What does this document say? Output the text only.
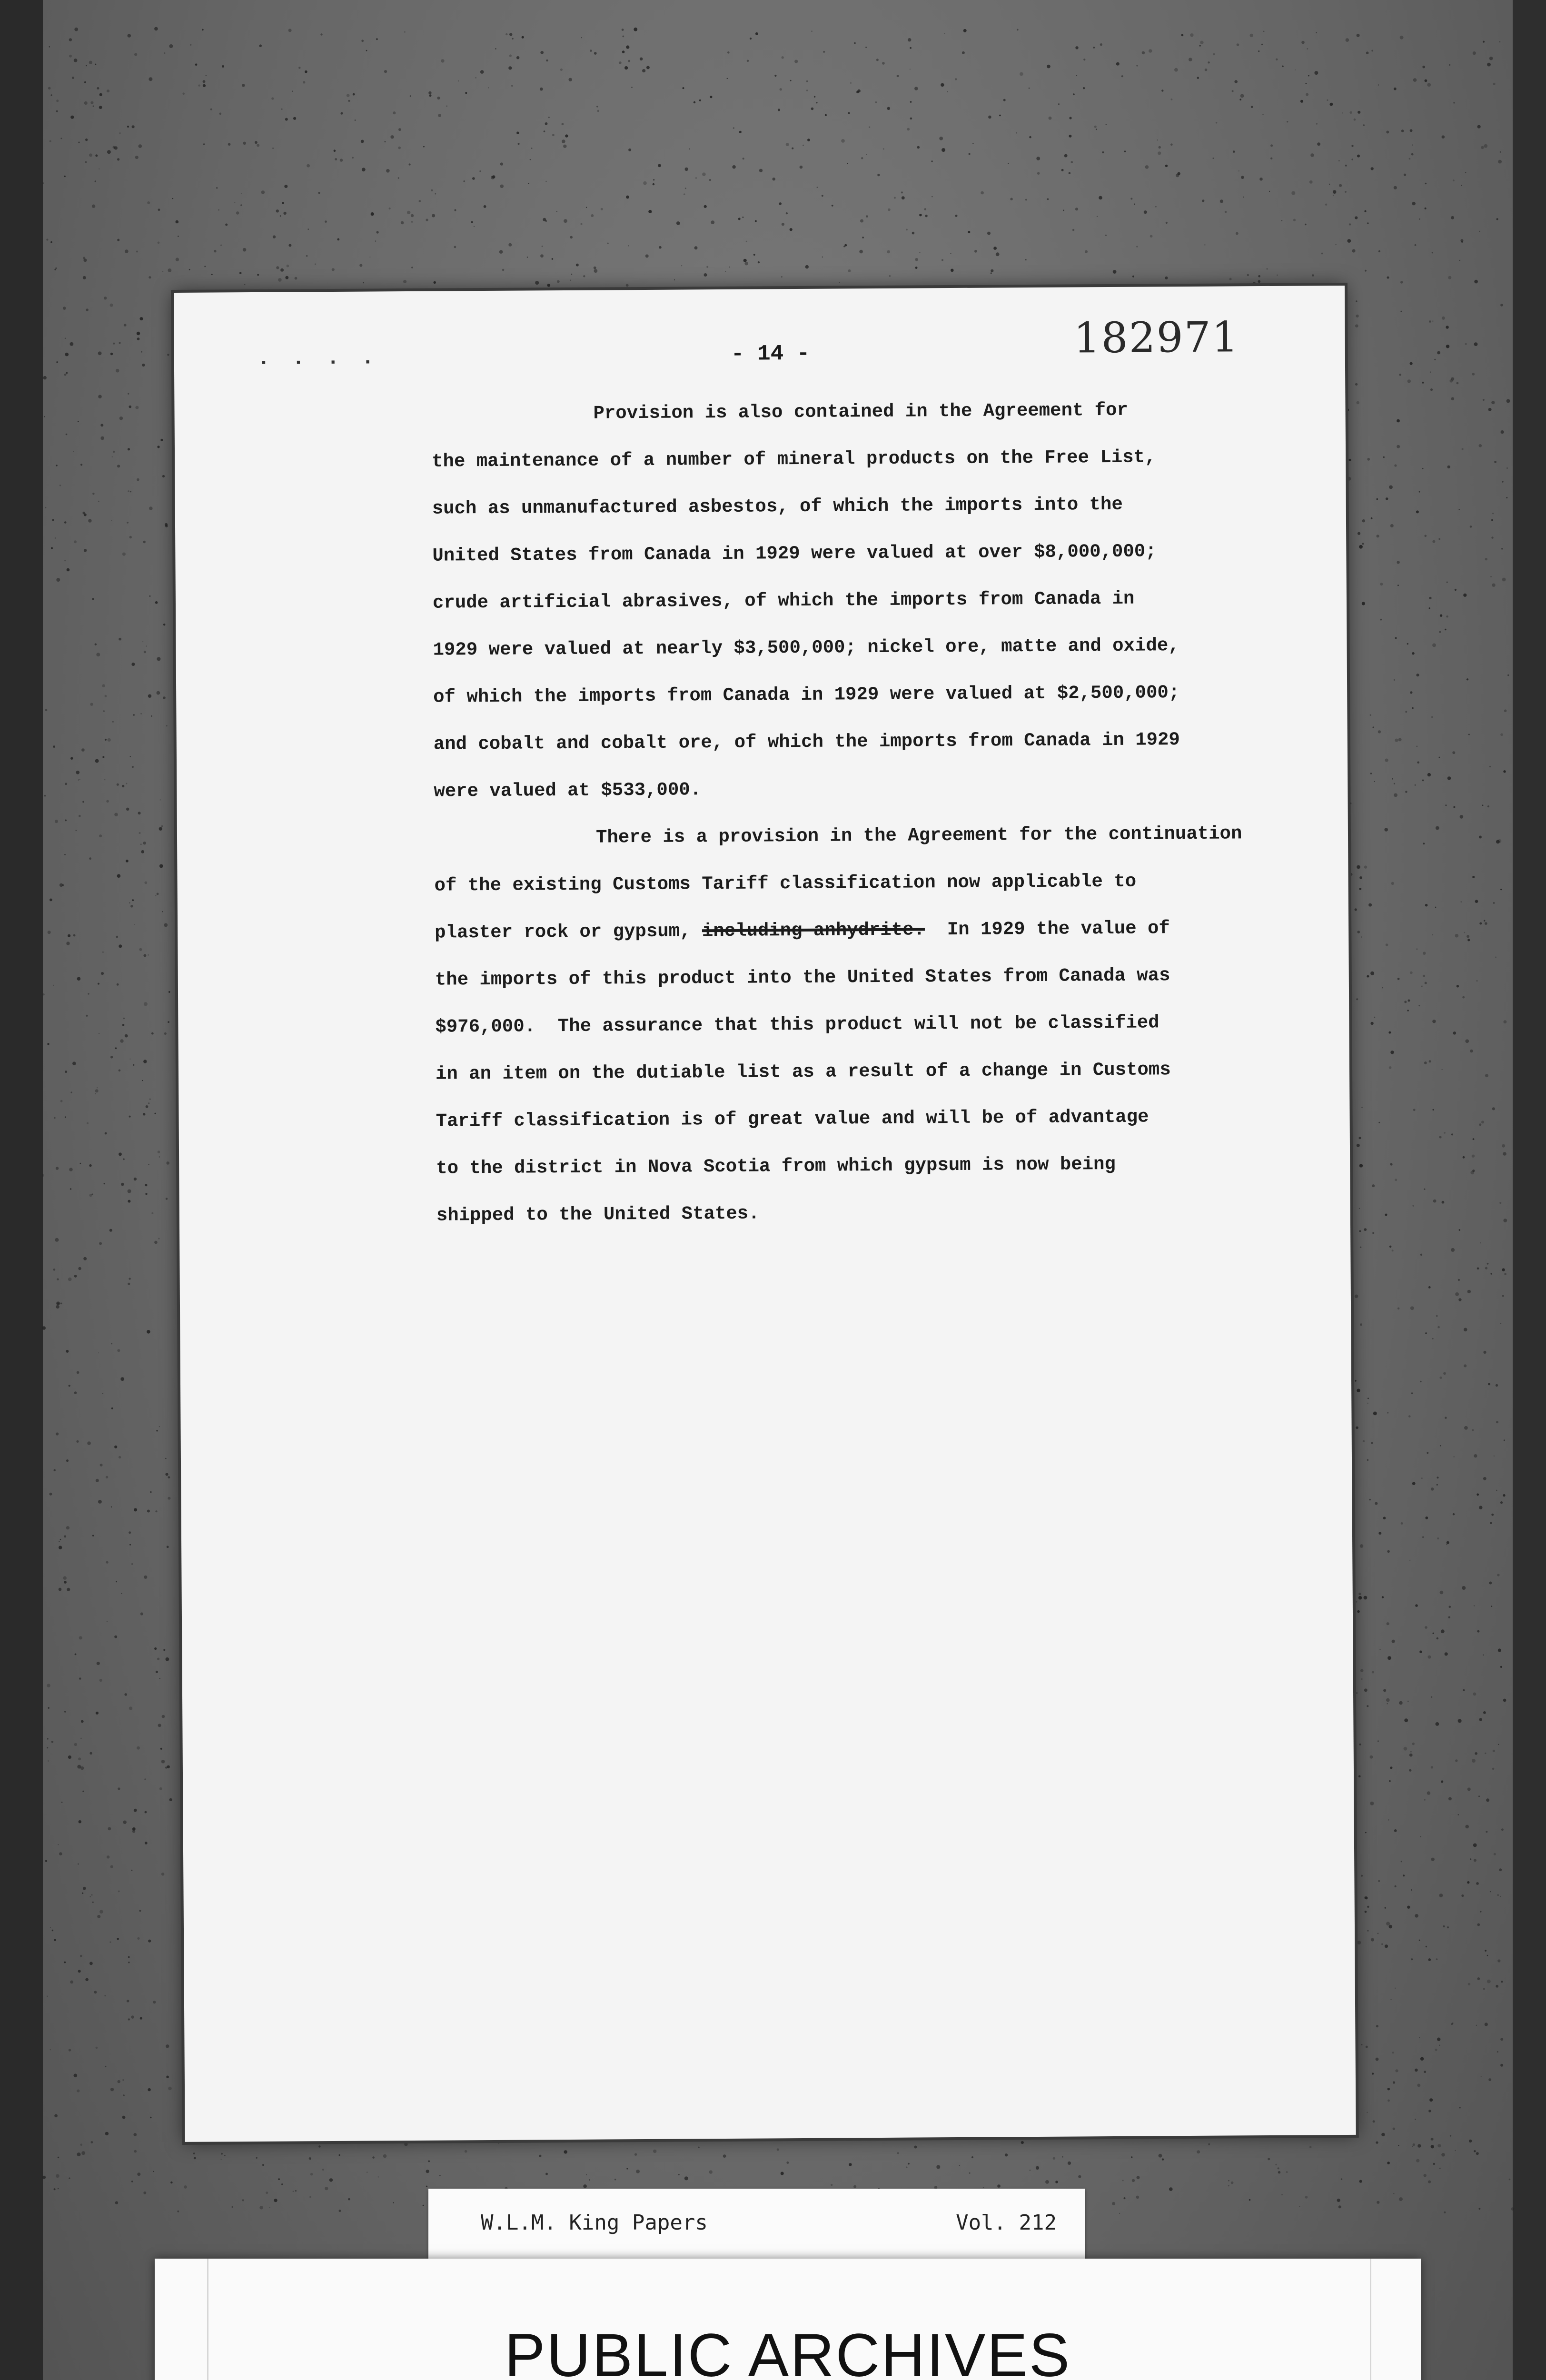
. . . .	- 14 -	182971
Provision is also contained in the Agreement for
the maintenance of a number of mineral products on the Free List,
such as unmanufactured asbestos, of which the imports into the
United States from Canada in 1929 were valued at over $8,000,000;
crude artificial abrasives, of which the imports from Canada in
1929 were valued at nearly $3,500,000; nickel ore, matte and oxide,
of which the imports from Canada in 1929 were valued at $2,500,000;
and cobalt and cobalt ore, of which the imports from Canada in 1929
were valued at $533,000.
There is a provision in the Agreement for the continuation
of the existing Customs Tariff classification now applicable to
plaster rock or gypsum, including anhydrite.  In 1929 the value of
the imports of this product into the United States from Canada was
$976,000.  The assurance that this product will not be classified
in an item on the dutiable list as a result of a change in Customs
Tariff classification is of great value and will be of advantage
to the district in Nova Scotia from which gypsum is now being
shipped to the United States.
W.L.M. King Papers	Vol. 212
PUBLIC ARCHIVES
